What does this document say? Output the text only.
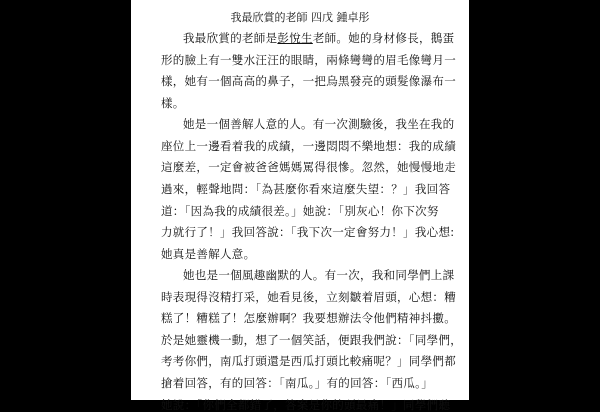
我最欣賞的老師 四戊 鍾卓彤
我最欣賞的老師是彭悅生老師。她的身材修長，鵝蛋
形的臉上有一雙水汪汪的眼睛，兩條彎彎的眉毛像彎月一
樣，她有一個高高的鼻子，一把烏黑發亮的頭髮像瀑布一
樣。
她是一個善解人意的人。有一次測驗後，我坐在我的
座位上一邊看着我的成績，一邊悶悶不樂地想：我的成績
這麼差，一定會被爸爸媽媽罵得很慘。忽然，她慢慢地走
過來，輕聲地問：「為甚麼你看來這麼失望：？」我回答
道：「因為我的成績很差。」她說：「別灰心！你下次努
力就行了！」我回答說：「我下次一定會努力！」我心想:
她真是善解人意。
她也是一個風趣幽默的人。有一次，我和同學們上課
時表現得沒精打采，她看見後，立刻皺着眉頭，心想：糟
糕了！糟糕了！怎麼辦啊？我要想辦法令他們精神抖擻。
於是她靈機一動，想了一個笑話，便跟我們說：「同學們，
考考你們，南瓜打頭還是西瓜打頭比較痛呢？」同學們都
搶着回答，有的回答：「南瓜。」有的回答：「西瓜。」
她說：「你們全都錯了，答案是你的頭最痛！」同學們聽
